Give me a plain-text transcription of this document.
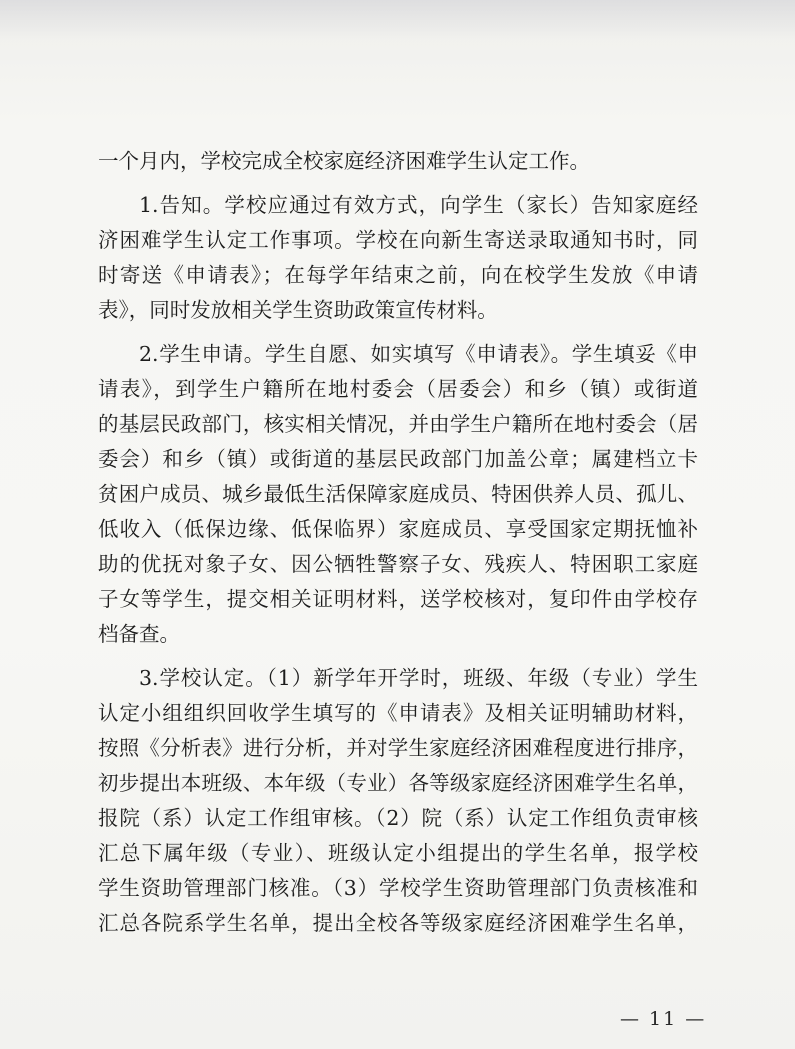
一个月内，学校完成全校家庭经济困难学生认定工作。
1.告知。学校应通过有效方式，向学生（家长）告知家庭经
济困难学生认定工作事项。学校在向新生寄送录取通知书时，同
时寄送《申请表》；在每学年结束之前，向在校学生发放《申请
表》，同时发放相关学生资助政策宣传材料。
2.学生申请。学生自愿、如实填写《申请表》。学生填妥《申
请表》，到学生户籍所在地村委会（居委会）和乡（镇）或街道
的基层民政部门，核实相关情况，并由学生户籍所在地村委会（居
委会）和乡（镇）或街道的基层民政部门加盖公章；属建档立卡
贫困户成员、城乡最低生活保障家庭成员、特困供养人员、孤儿、
低收入（低保边缘、低保临界）家庭成员、享受国家定期抚恤补
助的优抚对象子女、因公牺牲警察子女、残疾人、特困职工家庭
子女等学生，提交相关证明材料，送学校核对，复印件由学校存
档备查。
3.学校认定。（1）新学年开学时，班级、年级（专业）学生
认定小组组织回收学生填写的《申请表》及相关证明辅助材料，
按照《分析表》进行分析，并对学生家庭经济困难程度进行排序，
初步提出本班级、本年级（专业）各等级家庭经济困难学生名单，
报院（系）认定工作组审核。（2）院（系）认定工作组负责审核
汇总下属年级（专业）、班级认定小组提出的学生名单，报学校
学生资助管理部门核准。（3）学校学生资助管理部门负责核准和
汇总各院系学生名单，提出全校各等级家庭经济困难学生名单，
— 11 —
